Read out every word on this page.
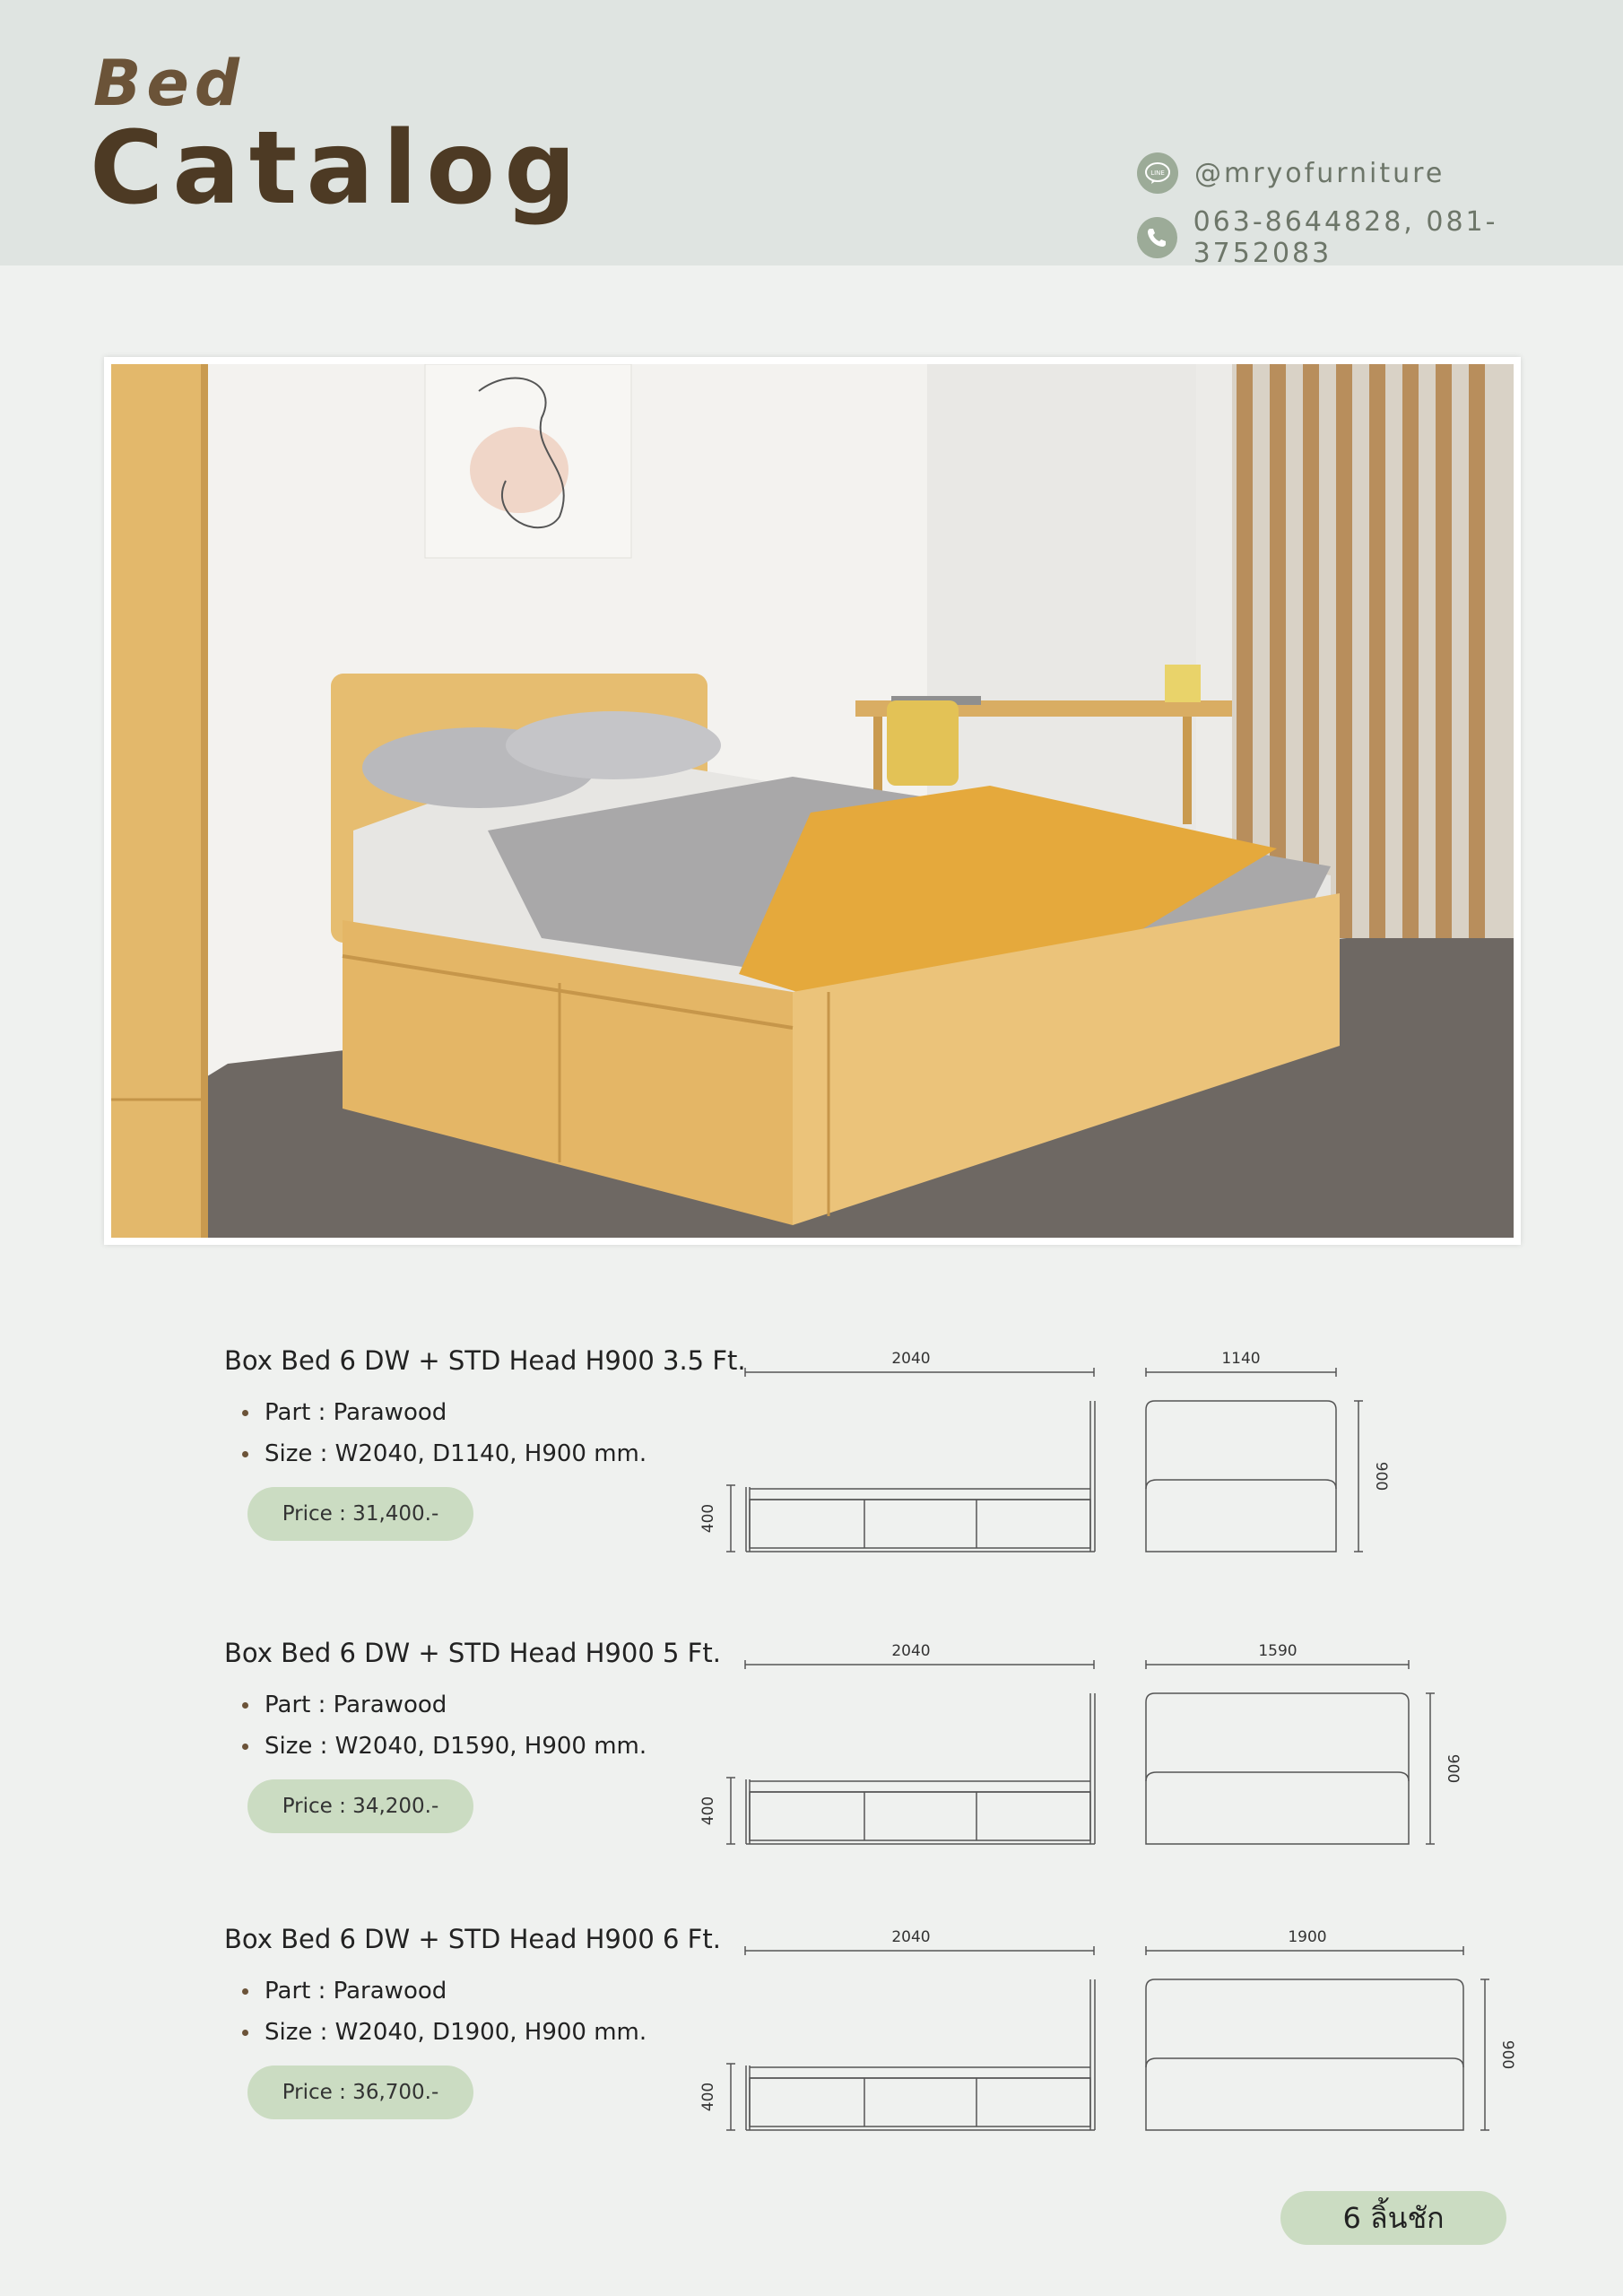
Bed
Catalog	LINE @mryofurniture
063-8644828, 081-3752083
Box Bed 6 DW + STD Head H900 3.5 Ft.
Part : Parawood
Size : W2040, D1140, H900 mm.
Price : 31,400.-
2040	1140
900
400
Box Bed 6 DW + STD Head H900 5 Ft.
Part : Parawood
Size : W2040, D1590, H900 mm.
Price : 34,200.-
2040	1590
900
400
Box Bed 6 DW + STD Head H900 6 Ft.
Part : Parawood
Size : W2040, D1900, H900 mm.
Price : 36,700.-
2040	1900
900
400
6 ลิ้นชัก
